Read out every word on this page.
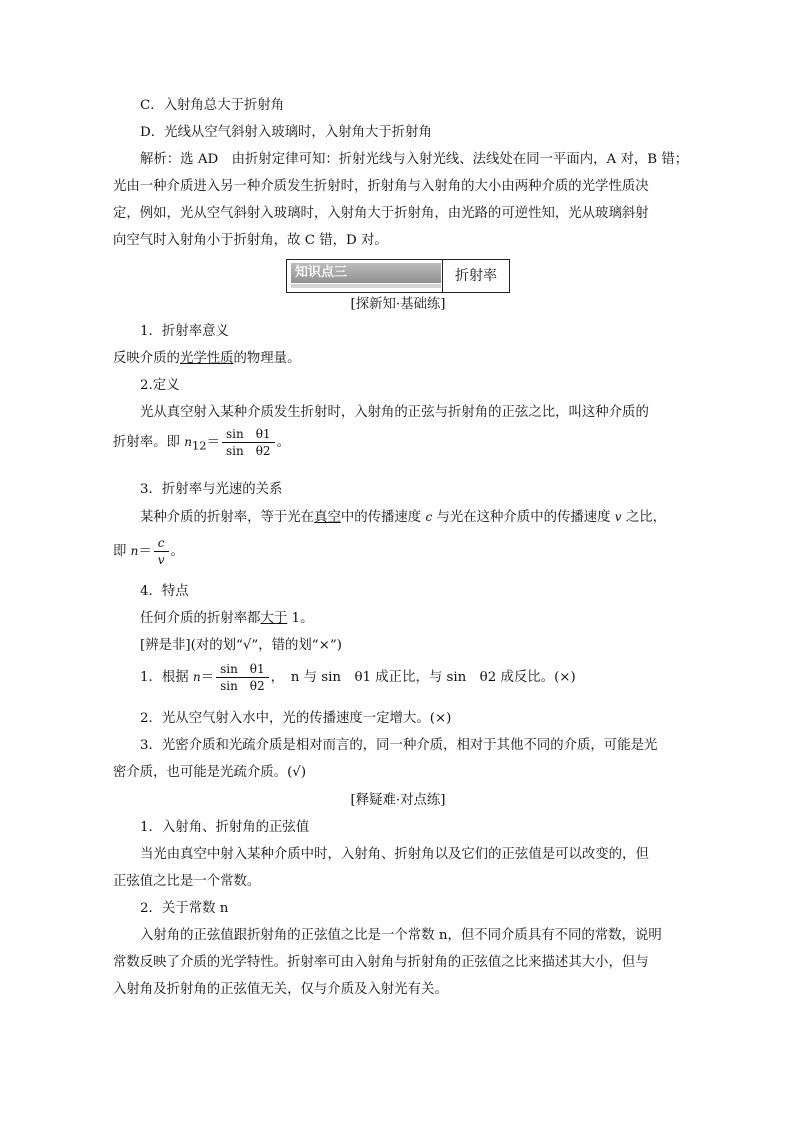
C．入射角总大于折射角
D．光线从空气斜射入玻璃时，入射角大于折射角
解析：选 AD　由折射定律可知：折射光线与入射光线、法线处在同一平面内，A 对，B 错；
光由一种介质进入另一种介质发生折射时，折射角与入射角的大小由两种介质的光学性质决
定，例如，光从空气斜射入玻璃时，入射角大于折射角，由光路的可逆性知，光从玻璃斜射
向空气时入射角小于折射角，故 C 错，D 对。
知识点三	折射率
[探新知·基础练]
1．折射率意义
反映介质的光学性质的物理量。
2.定义
光从真空射入某种介质发生折射时，入射角的正弦与折射角的正弦之比，叫这种介质的
折射率。即 $n_{12}= \frac{\text{sin　θ1}}{\text{sin　θ2}}$ 。
3．折射率与光速的关系
某种介质的折射率，等于光在真空中的传播速度 c 与光在这种介质中的传播速度 v 之比，
即 $n= \frac{c}{v}$ 。
4．特点
任何介质的折射率都大于 1。
[辨是非](对的划“√”，错的划“×”)
1．根据 $n= \frac{\text{sin　θ1}}{\text{sin　θ2}}$ ，　n 与 sin　θ1 成正比，与 sin　θ2 成反比。(×)
2．光从空气射入水中，光的传播速度一定增大。(×)
3．光密介质和光疏介质是相对而言的，同一种介质，相对于其他不同的介质，可能是光
密介质，也可能是光疏介质。(√)
[释疑难·对点练]
1．入射角、折射角的正弦值
当光由真空中射入某种介质中时，入射角、折射角以及它们的正弦值是可以改变的，但
正弦值之比是一个常数。
2．关于常数 n
入射角的正弦值跟折射角的正弦值之比是一个常数 n，但不同介质具有不同的常数，说明
常数反映了介质的光学特性。折射率可由入射角与折射角的正弦值之比来描述其大小，但与
入射角及折射角的正弦值无关，仅与介质及入射光有关。
